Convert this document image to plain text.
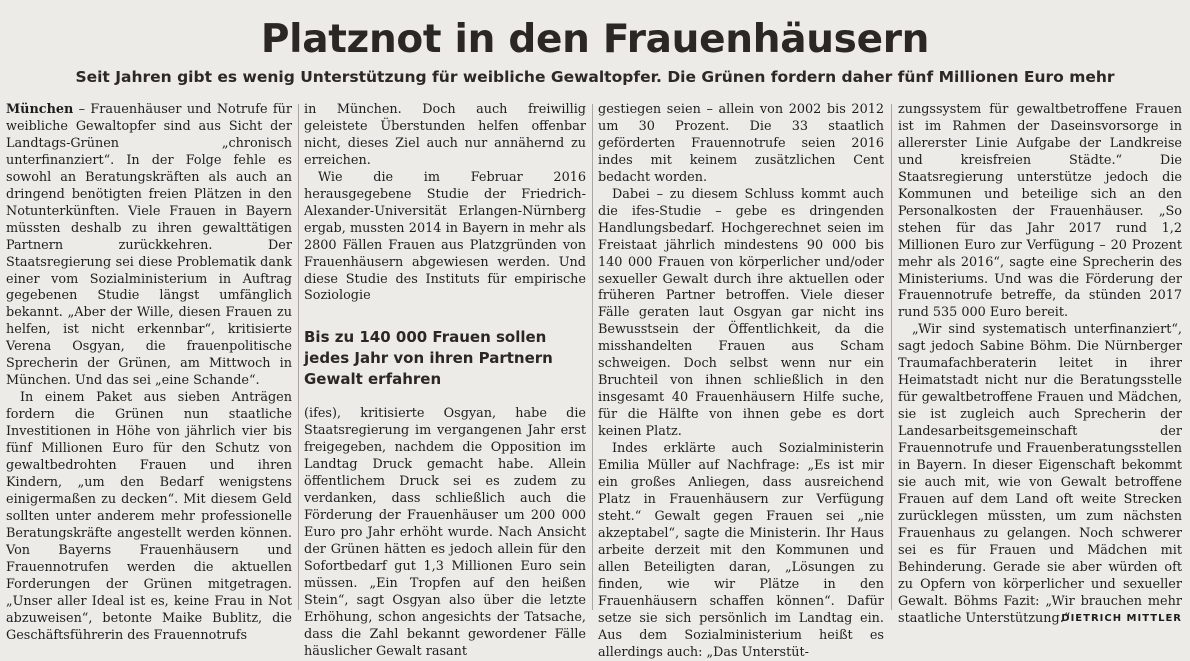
Platznot in den Frauenhäusern
Seit Jahren gibt es wenig Unterstützung für weibliche Gewaltopfer. Die Grünen fordern daher fünf Millionen Euro mehr

München – Frauenhäuser und Notrufe für weibliche Gewaltopfer sind aus Sicht der Landtags-Grünen „chronisch unterfinanziert“. In der Folge fehle es sowohl an Beratungskräften als auch an dringend benötigten freien Plätzen in den Notunterkünften. Viele Frauen in Bayern müssten deshalb zu ihren gewalttätigen Partnern zurückkehren. Der Staatsregierung sei diese Problematik dank einer vom Sozialministerium in Auftrag gegebenen Studie längst umfänglich bekannt. „Aber der Wille, diesen Frauen zu helfen, ist nicht erkennbar“, kritisierte Verena Osgyan, die frauenpolitische Sprecherin der Grünen, am Mittwoch in München. Und das sei „eine Schande“.

In einem Paket aus sieben Anträgen fordern die Grünen nun staatliche Investitionen in Höhe von jährlich vier bis fünf Millionen Euro für den Schutz von gewaltbedrohten Frauen und ihren Kindern, „um den Bedarf wenigstens einigermaßen zu decken“. Mit diesem Geld sollten unter anderem mehr professionelle Beratungskräfte angestellt werden können. Von Bayerns Frauenhäusern und Frauennotrufen werden die aktuellen Forderungen der Grünen mitgetragen. „Unser aller Ideal ist es, keine Frau in Not abzuweisen“, betonte Maike Bublitz, die Geschäftsführerin des Frauennotrufs

in München. Doch auch freiwillig geleistete Überstunden helfen offenbar nicht, dieses Ziel auch nur annähernd zu erreichen.

Wie die im Februar 2016 herausgegebene Studie der Friedrich-Alexander-Universität Erlangen-Nürnberg ergab, mussten 2014 in Bayern in mehr als 2800 Fällen Frauen aus Platzgründen von Frauenhäusern abgewiesen werden. Und diese Studie des Instituts für empirische Soziologie

Bis zu 140 000 Frauen sollen jedes Jahr von ihren Partnern Gewalt erfahren

(ifes), kritisierte Osgyan, habe die Staatsregierung im vergangenen Jahr erst freigegeben, nachdem die Opposition im Landtag Druck gemacht habe. Allein öffentlichem Druck sei es zudem zu verdanken, dass schließlich auch die Förderung der Frauenhäuser um 200 000 Euro pro Jahr erhöht wurde. Nach Ansicht der Grünen hätten es jedoch allein für den Sofortbedarf gut 1,3 Millionen Euro sein müssen. „Ein Tropfen auf den heißen Stein“, sagt Osgyan also über die letzte Erhöhung, schon angesichts der Tatsache, dass die Zahl bekannt gewordener Fälle häuslicher Gewalt rasant

gestiegen seien – allein von 2002 bis 2012 um 30 Prozent. Die 33 staatlich geförderten Frauennotrufe seien 2016 indes mit keinem zusätzlichen Cent bedacht worden.

Dabei – zu diesem Schluss kommt auch die ifes-Studie – gebe es dringenden Handlungsbedarf. Hochgerechnet seien im Freistaat jährlich mindestens 90 000 bis 140 000 Frauen von körperlicher und/oder sexueller Gewalt durch ihre aktuellen oder früheren Partner betroffen. Viele dieser Fälle geraten laut Osgyan gar nicht ins Bewusstsein der Öffentlichkeit, da die misshandelten Frauen aus Scham schweigen. Doch selbst wenn nur ein Bruchteil von ihnen schließlich in den insgesamt 40 Frauenhäusern Hilfe suche, für die Hälfte von ihnen gebe es dort keinen Platz.

Indes erklärte auch Sozialministerin Emilia Müller auf Nachfrage: „Es ist mir ein großes Anliegen, dass ausreichend Platz in Frauenhäusern zur Verfügung steht.“ Gewalt gegen Frauen sei „nie akzeptabel“, sagte die Ministerin. Ihr Haus arbeite derzeit mit den Kommunen und allen Beteiligten daran, „Lösungen zu finden, wie wir Plätze in den Frauenhäusern schaffen können“. Dafür setze sie sich persönlich im Landtag ein. Aus dem Sozialministerium heißt es allerdings auch: „Das Unterstüt-

zungssystem für gewaltbetroffene Frauen ist im Rahmen der Daseinsvorsorge in allererster Linie Aufgabe der Landkreise und kreisfreien Städte.“ Die Staatsregierung unterstütze jedoch die Kommunen und beteilige sich an den Personalkosten der Frauenhäuser. „So stehen für das Jahr 2017 rund 1,2 Millionen Euro zur Verfügung – 20 Prozent mehr als 2016“, sagte eine Sprecherin des Ministeriums. Und was die Förderung der Frauennotrufe betreffe, da stünden 2017 rund 535 000 Euro bereit.

„Wir sind systematisch unterfinanziert“, sagt jedoch Sabine Böhm. Die Nürnberger Traumafachberaterin leitet in ihrer Heimatstadt nicht nur die Beratungsstelle für gewaltbetroffene Frauen und Mädchen, sie ist zugleich auch Sprecherin der Landesarbeitsgemeinschaft der Frauennotrufe und Frauenberatungsstellen in Bayern. In dieser Eigenschaft bekommt sie auch mit, wie von Gewalt betroffene Frauen auf dem Land oft weite Strecken zurücklegen müssten, um zum nächsten Frauenhaus zu gelangen. Noch schwerer sei es für Frauen und Mädchen mit Behinderung. Gerade sie aber würden oft zu Opfern von körperlicher und sexueller Gewalt. Böhms Fazit: „Wir brauchen mehr staatliche Unterstützung.“

DIETRICH MITTLER
